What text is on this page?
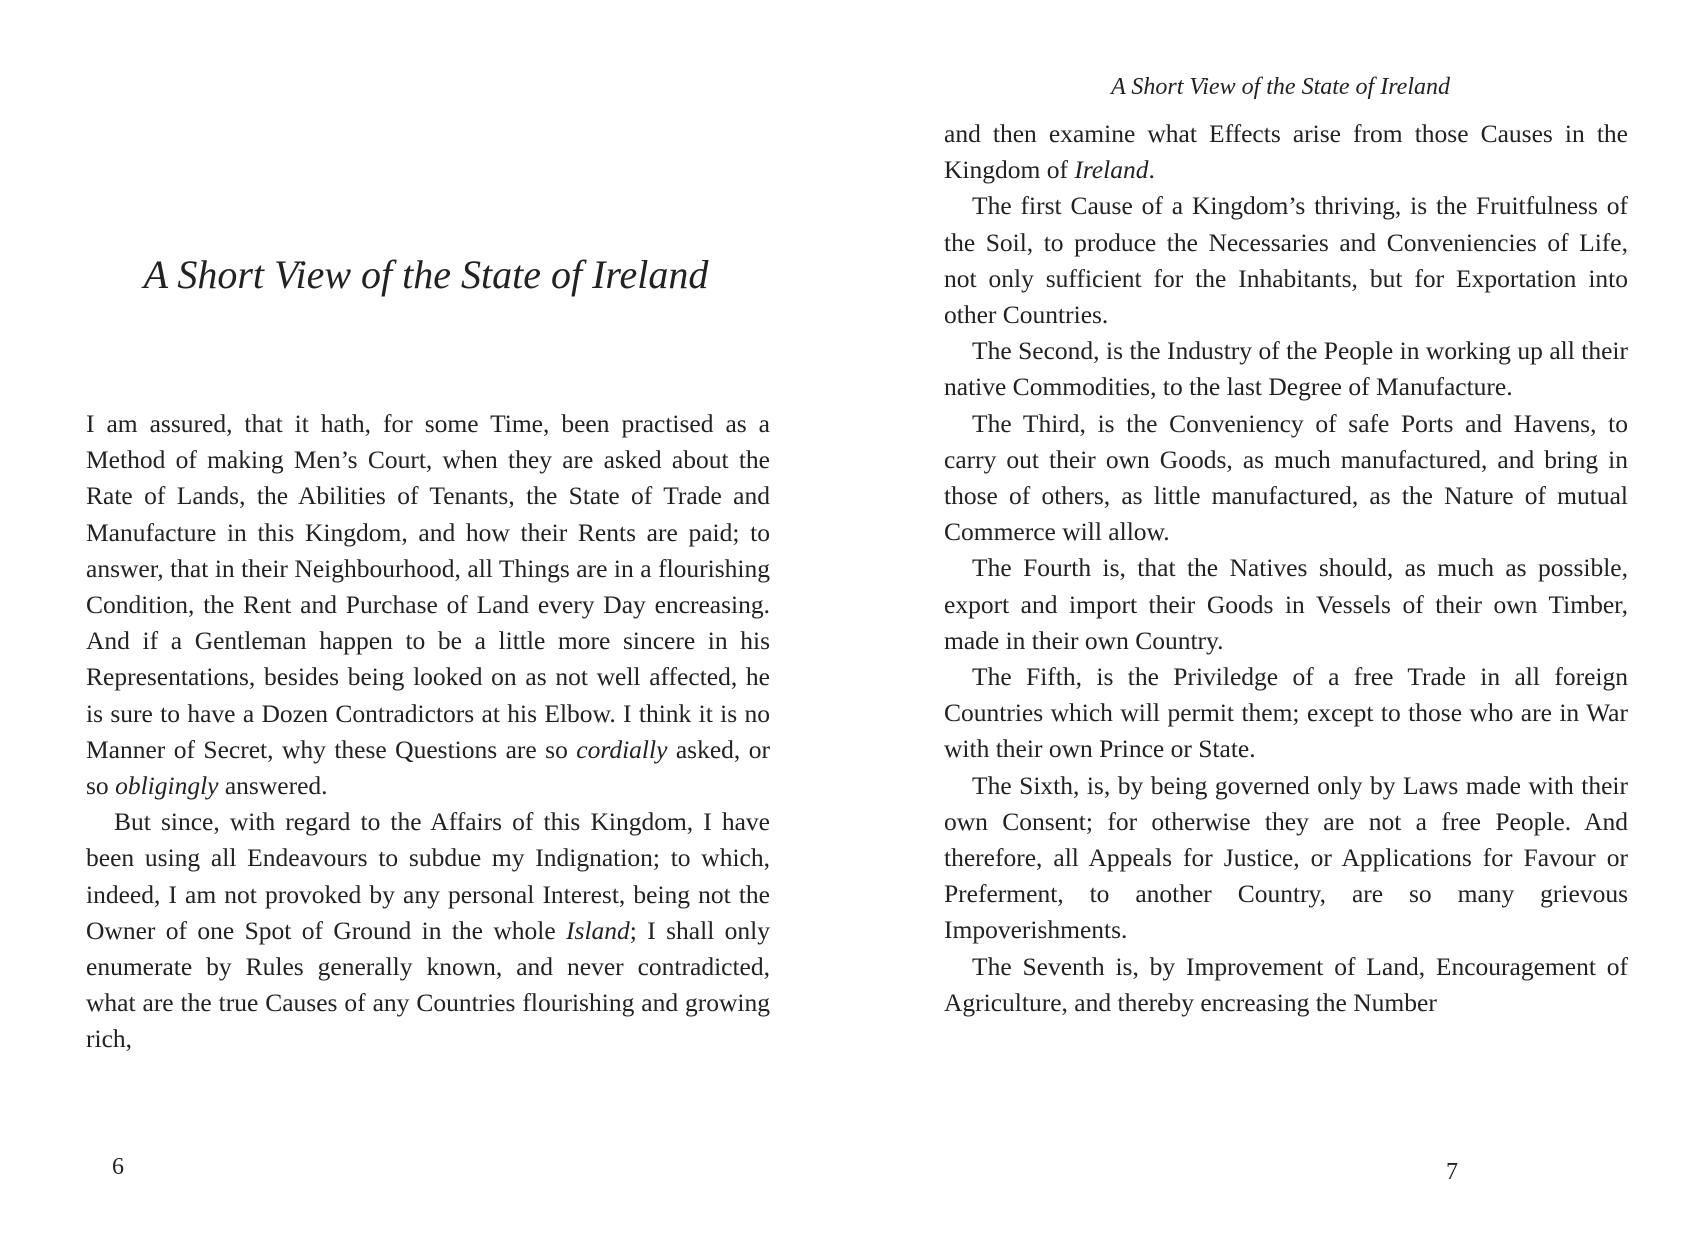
A Short View of the State of Ireland

I am assured, that it hath, for some Time, been practised as a Method of making Men’s Court, when they are asked about the Rate of Lands, the Abilities of Tenants, the State of Trade and Manufacture in this Kingdom, and how their Rents are paid; to answer, that in their Neighbourhood, all Things are in a flourishing Condition, the Rent and Purchase of Land every Day encreasing. And if a Gentleman happen to be a little more sincere in his Representations, besides being looked on as not well affected, he is sure to have a Dozen Contradictors at his Elbow. I think it is no Manner of Secret, why these Questions are so cordially asked, or so obligingly answered.

But since, with regard to the Affairs of this Kingdom, I have been using all Endeavours to subdue my Indignation; to which, indeed, I am not provoked by any personal Interest, being not the Owner of one Spot of Ground in the whole Island; I shall only enumerate by Rules generally known, and never contradicted, what are the true Causes of any Countries flourishing and growing rich,

6
A Short View of the State of Ireland

and then examine what Effects arise from those Causes in the Kingdom of Ireland.

The first Cause of a Kingdom’s thriving, is the Fruitfulness of the Soil, to produce the Necessaries and Conveniencies of Life, not only sufficient for the Inhabitants, but for Exportation into other Countries.

The Second, is the Industry of the People in working up all their native Commodities, to the last Degree of Manufacture.

The Third, is the Conveniency of safe Ports and Havens, to carry out their own Goods, as much manufactured, and bring in those of others, as little manufactured, as the Nature of mutual Commerce will allow.

The Fourth is, that the Natives should, as much as possible, export and import their Goods in Vessels of their own Timber, made in their own Country.

The Fifth, is the Priviledge of a free Trade in all foreign Countries which will permit them; except to those who are in War with their own Prince or State.

The Sixth, is, by being governed only by Laws made with their own Consent; for otherwise they are not a free People. And therefore, all Appeals for Justice, or Applications for Favour or Preferment, to another Country, are so many grievous Impoverishments.

The Seventh is, by Improvement of Land, Encouragement of Agriculture, and thereby encreasing the Number

7
